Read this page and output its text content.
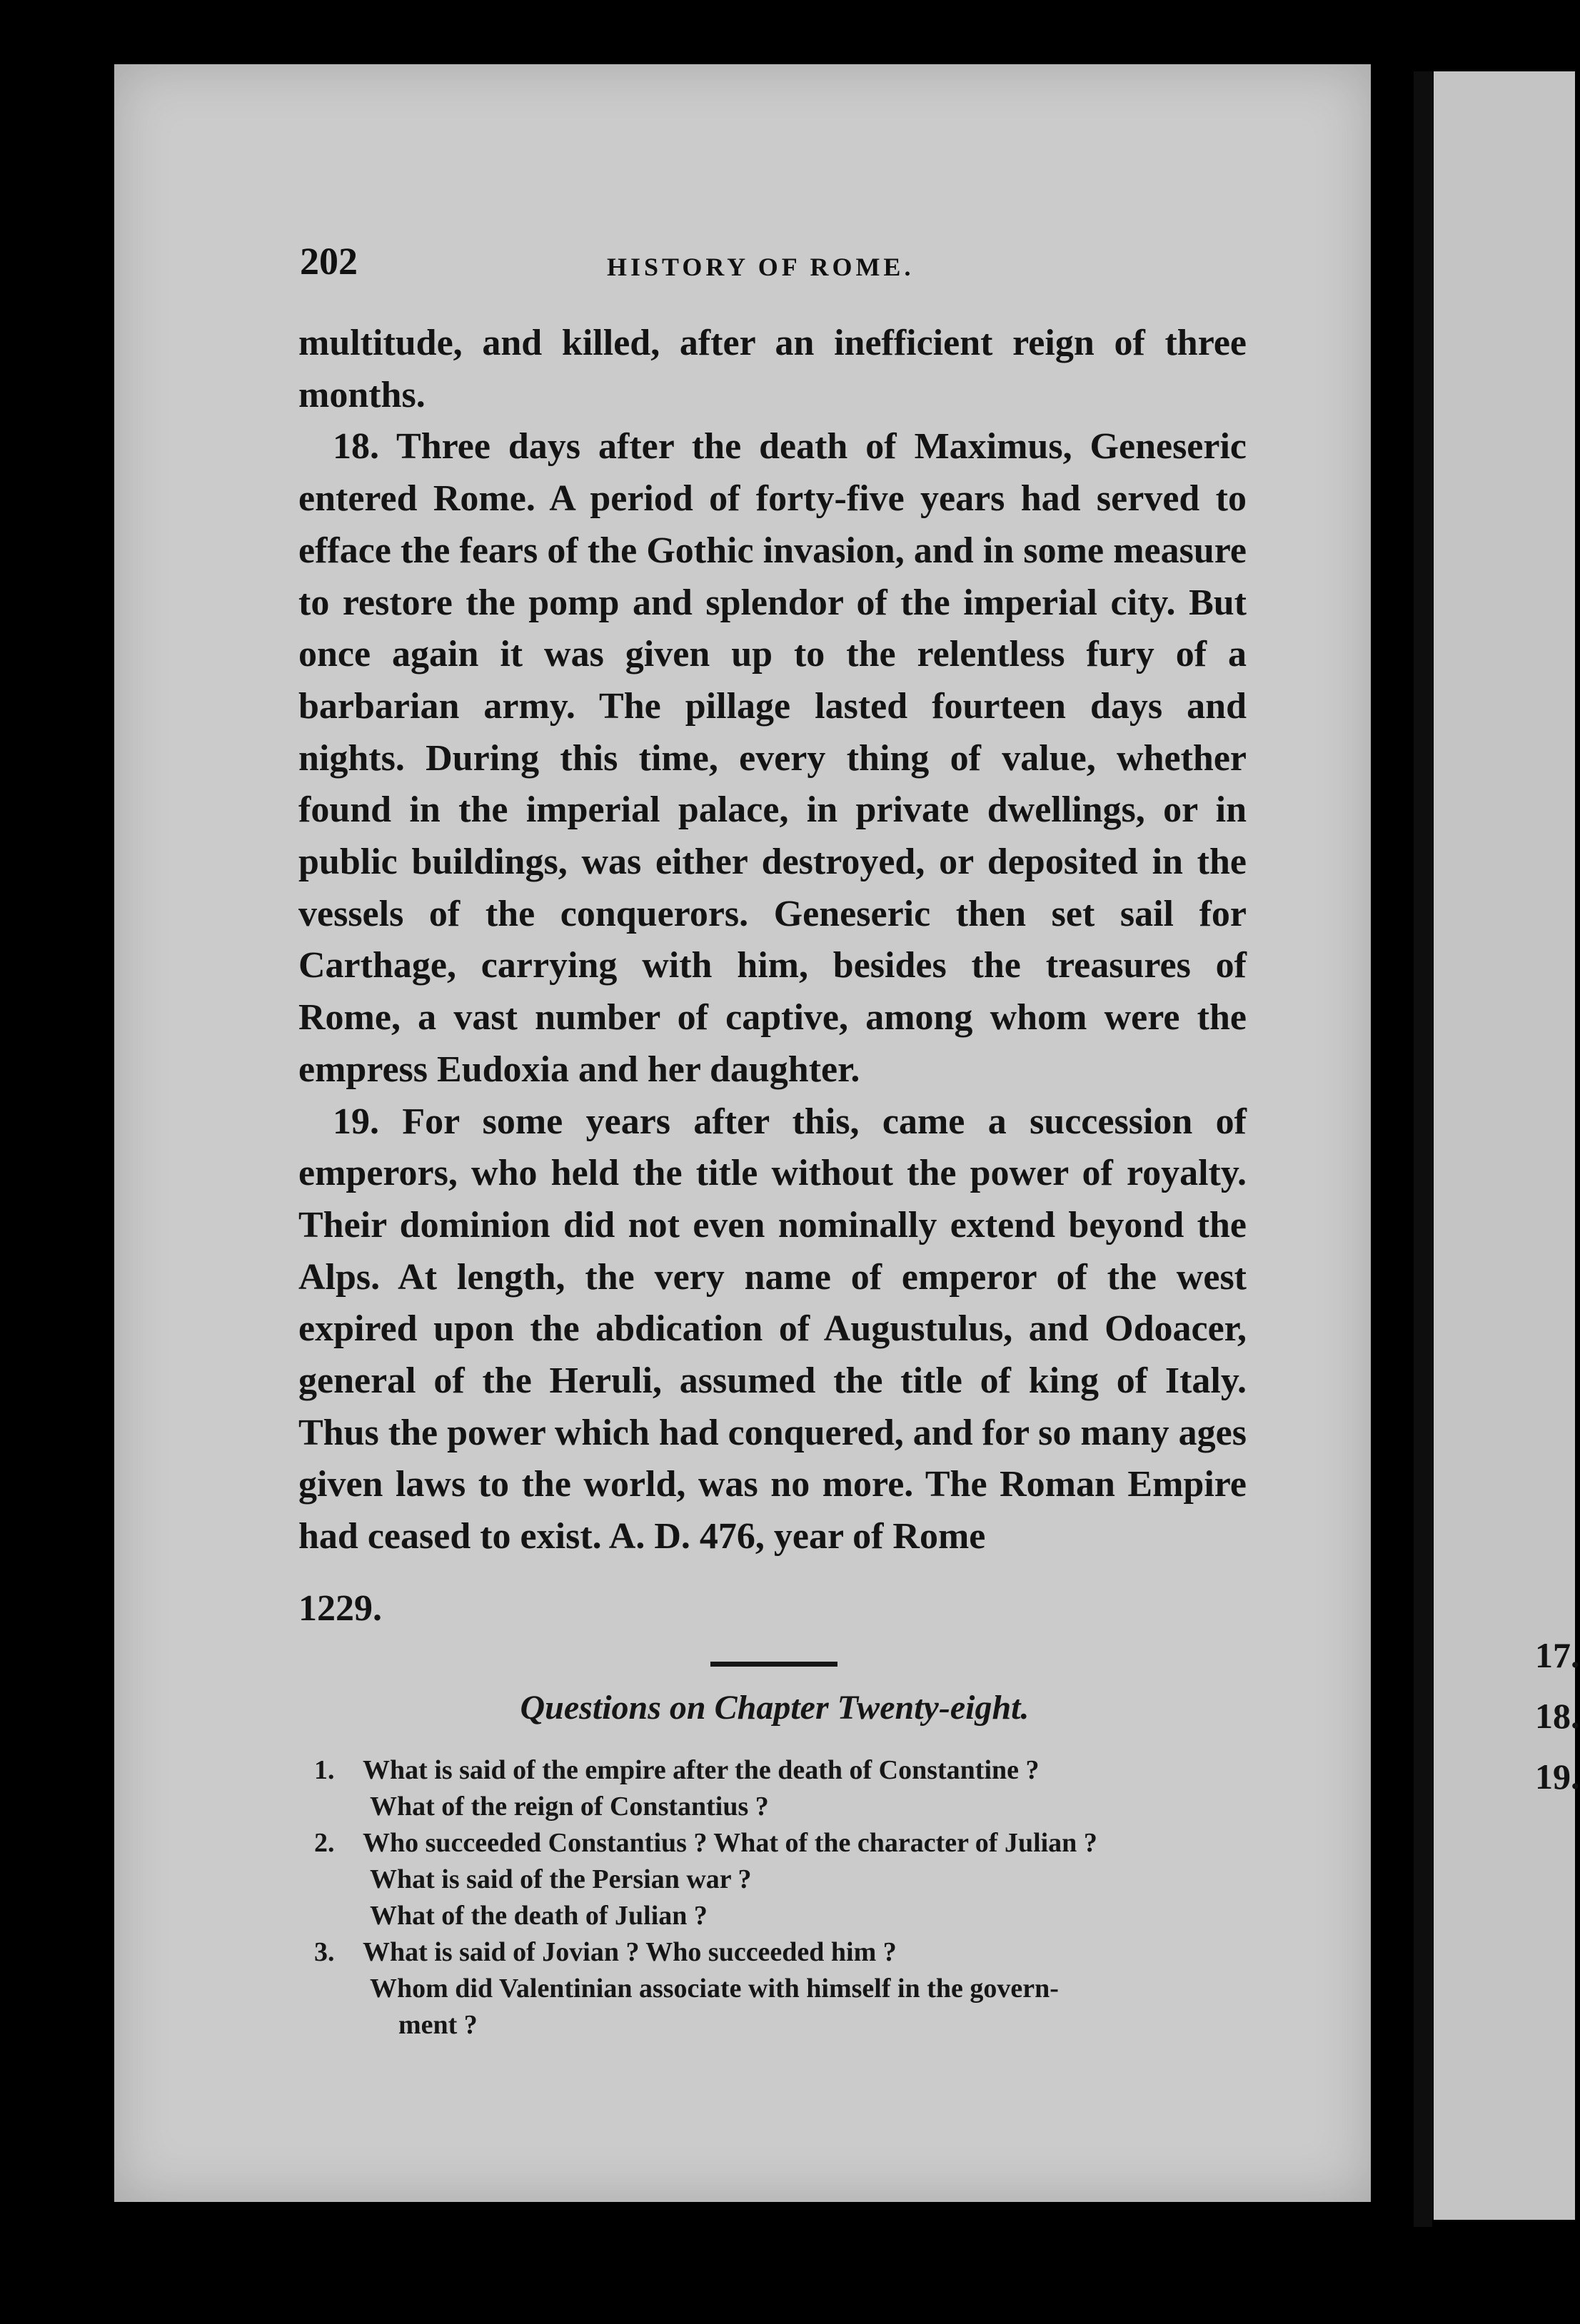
17.
18.
19.
202	HISTORY OF ROME.

multitude, and killed, after an inefficient reign of three months.

18. Three days after the death of Maximus, Geneseric entered Rome. A period of forty-five years had served to efface the fears of the Gothic invasion, and in some measure to restore the pomp and splendor of the imperial city. But once again it was given up to the relentless fury of a barbarian army. The pillage lasted fourteen days and nights. During this time, every thing of value, whether found in the imperial palace, in private dwellings, or in public buildings, was either destroyed, or deposited in the vessels of the conquerors. Geneseric then set sail for Carthage, carrying with him, besides the treasures of Rome, a vast number of captive, among whom were the empress Eudoxia and her daughter.

19. For some years after this, came a succession of emperors, who held the title without the power of royalty. Their dominion did not even nominally extend beyond the Alps. At length, the very name of emperor of the west expired upon the abdication of Augustulus, and Odoacer, general of the Heruli, assumed the title of king of Italy. Thus the power which had conquered, and for so many ages given laws to the world, was no more. The Roman Empire had ceased to exist. A. D. 476, year of Rome

1229.
Questions on Chapter Twenty-eight.
1. What is said of the empire after the death of Constantine ?
What of the reign of Constantius ?
2. Who succeeded Constantius ? What of the character of Julian ?
What is said of the Persian war ?
What of the death of Julian ?
3. What is said of Jovian ? Who succeeded him ?
Whom did Valentinian associate with himself in the govern-
ment ?
